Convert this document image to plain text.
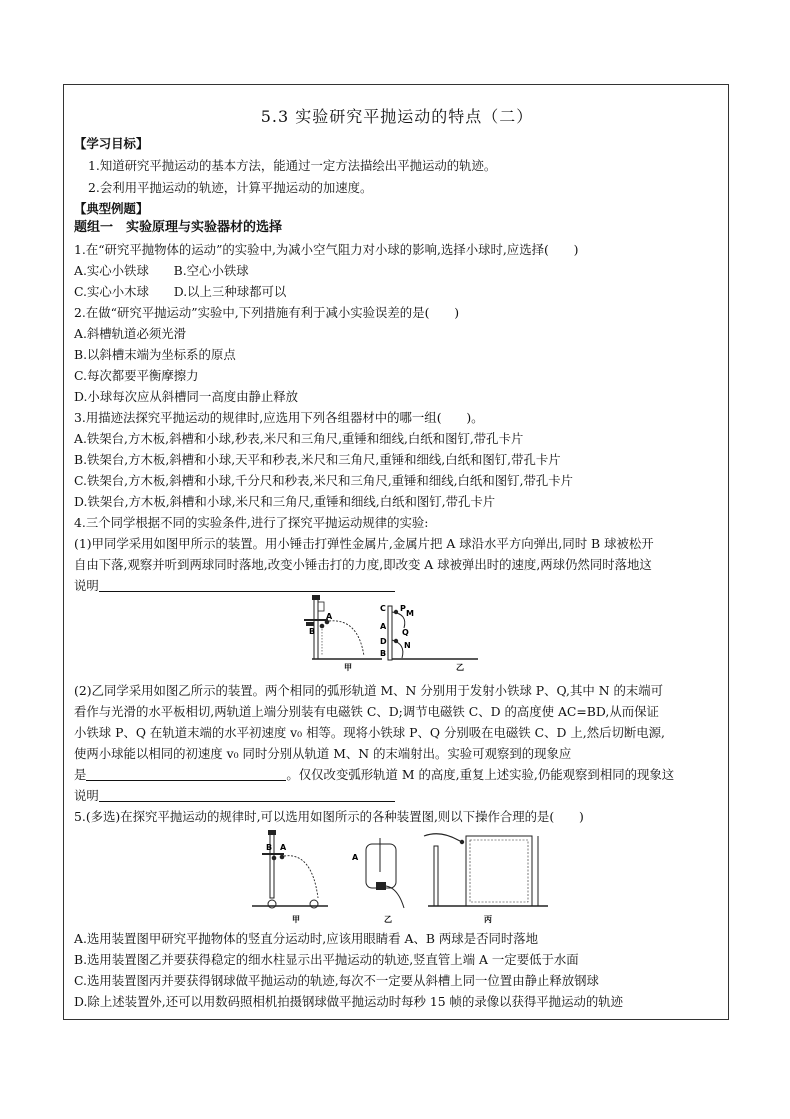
5.3 实验研究平抛运动的特点（二）
【学习目标】
1.知道研究平抛运动的基本方法，能通过一定方法描绘出平抛运动的轨迹。
2.会利用平抛运动的轨迹，计算平抛运动的加速度。
【典型例题】
题组一　实验原理与实验器材的选择
1.在“研究平抛物体的运动”的实验中,为减小空气阻力对小球的影响,选择小球时,应选择(　　)
A.实心小铁球　　B.空心小铁球
C.实心小木球　　D.以上三种球都可以
2.在做“研究平抛运动”实验中,下列措施有利于减小实验误差的是(　　)
A.斜槽轨道必须光滑
B.以斜槽末端为坐标系的原点
C.每次都要平衡摩擦力
D.小球每次应从斜槽同一高度由静止释放
3.用描迹法探究平抛运动的规律时,应选用下列各组器材中的哪一组(　　)。
A.铁架台,方木板,斜槽和小球,秒表,米尺和三角尺,重锤和细线,白纸和图钉,带孔卡片
B.铁架台,方木板,斜槽和小球,天平和秒表,米尺和三角尺,重锤和细线,白纸和图钉,带孔卡片
C.铁架台,方木板,斜槽和小球,千分尺和秒表,米尺和三角尺,重锤和细线,白纸和图钉,带孔卡片
D.铁架台,方木板,斜槽和小球,米尺和三角尺,重锤和细线,白纸和图钉,带孔卡片
4.三个同学根据不同的实验条件,进行了探究平抛运动规律的实验:
(1)甲同学采用如图甲所示的装置。用小锤击打弹性金属片,金属片把 A 球沿水平方向弹出,同时 B 球被松开
自由下落,观察并听到两球同时落地,改变小锤击打的力度,即改变 A 球被弹出时的速度,两球仍然同时落地这
说明
A
B
C P
M
A
Q
D N
B
甲	乙
(2)乙同学采用如图乙所示的装置。两个相同的弧形轨道 M、N 分别用于发射小铁球 P、Q,其中 N 的末端可
看作与光滑的水平板相切,两轨道上端分别装有电磁铁 C、D;调节电磁铁 C、D 的高度使 AC=BD,从而保证
小铁球 P、Q 在轨道末端的水平初速度 v₀ 相等。现将小铁球 P、Q 分别吸在电磁铁 C、D 上,然后切断电源,
使两小球能以相同的初速度 v₀ 同时分别从轨道 M、N 的末端射出。实验可观察到的现象应
是	。仅仅改变弧形轨道 M 的高度,重复上述实验,仍能观察到相同的现象这
说明
5.(多选)在探究平抛运动的规律时,可以选用如图所示的各种装置图,则以下操作合理的是(　　)
B A
甲
A
乙	丙
A.选用装置图甲研究平抛物体的竖直分运动时,应该用眼睛看 A、B 两球是否同时落地
B.选用装置图乙并要获得稳定的细水柱显示出平抛运动的轨迹,竖直管上端 A 一定要低于水面
C.选用装置图丙并要获得钢球做平抛运动的轨迹,每次不一定要从斜槽上同一位置由静止释放钢球
D.除上述装置外,还可以用数码照相机拍摄钢球做平抛运动时每秒 15 帧的录像以获得平抛运动的轨迹
